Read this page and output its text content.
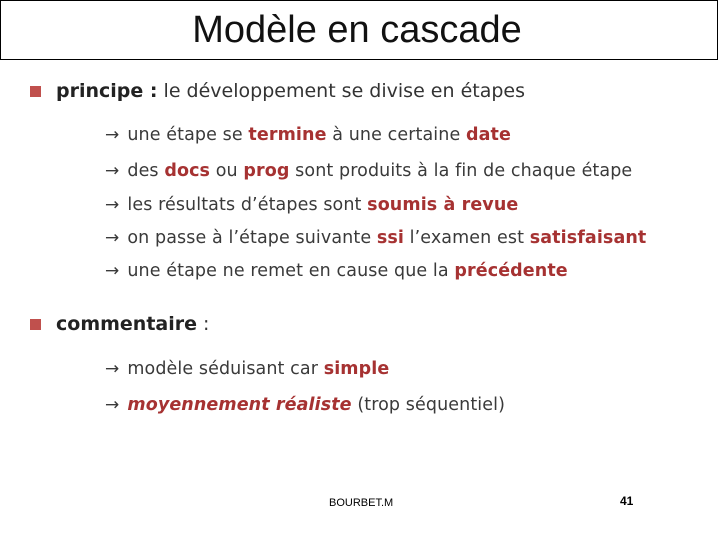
Modèle en cascade
principe :
le développement se divise en étapes
→ une étape se termine à une certaine date
→ des docs ou prog sont produits à la fin de chaque étape
→ les résultats d’étapes sont soumis à revue
→ on passe à l’étape suivante ssi l’examen est satisfaisant
→ une étape ne remet en cause que la précédente
commentaire :
→ modèle séduisant car simple
→ moyennement réaliste (trop séquentiel)
BOURBET.M	41
